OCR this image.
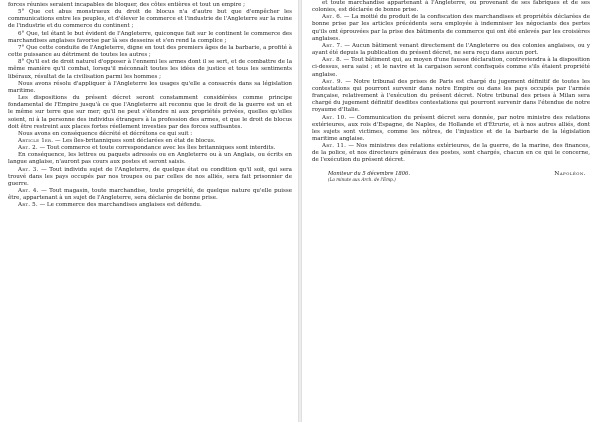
forces réunies seraient incapables de bloquer, des côtes entières et tout un empire ;

5° Que cet abus monstrueux du droit de blocus n'a d'autre but que d'empêcher les communications entre les peuples, et d'élever le commerce et l'industrie de l'Angleterre sur la ruine de l'industrie et du commerce du continent ;

6° Que, tel étant le but évident de l'Angleterre, quiconque fait sur le continent le commerce des marchandises anglaises favorise par là ses desseins et s'en rend la complice ;

7° Que cette conduite de l'Angleterre, digne en tout des premiers âges de la barbarie, a profité à cette puissance au détriment de toutes les autres ;

8° Qu'il est de droit naturel d'opposer à l'ennemi les armes dont il se sert, et de combattre de la même manière qu'il combat, lorsqu'il méconnaît toutes les idées de justice et tous les sentiments libéraux, résultat de la civilisation parmi les hommes ;

Nous avons résolu d'appliquer à l'Angleterre les usages qu'elle a consacrés dans sa législation maritime.

Les dispositions du présent décret seront constamment considérées comme principe fondamental de l'Empire jusqu'à ce que l'Angleterre ait reconnu que le droit de la guerre est un et le même sur terre que sur mer; qu'il ne peut s'étendre ni aux propriétés privées, quelles qu'elles soient, ni à la personne des individus étrangers à la profession des armes, et que le droit de blocus doit être restreint aux places fortes réellement investies par des forces suffisantes.

Nous avons en conséquence décrété et décrétons ce qui suit :

Article 1er. — Les îles-britanniques sont déclarées en état de blocus.

Art. 2. — Tout commerce et toute correspondance avec les îles britanniques sont interdits.

En conséquence, les lettres ou paquets adressés ou en Angleterre ou à un Anglais, ou écrits en langue anglaise, n'auront pas cours aux postes et seront saisis.

Art. 3. — Tout individu sujet de l'Angleterre, de quelque état ou condition qu'il soit, qui sera trouvé dans les pays occupés par nos troupes ou par celles de nos alliés, sera fait prisonnier de guerre.

Art. 4. — Tout magasin, toute marchandise, toute propriété, de quelque nature qu'elle puisse être, appartenant à un sujet de l'Angleterre, sera déclarée de bonne prise.

Art. 5. — Le commerce des marchandises anglaises est défendu.

et toute marchandise appartenant à l'Angleterre, ou provenant de ses fabriques et de ses colonies, est déclarée de bonne prise.

Art. 6. — La moitié du produit de la confiscation des marchandises et propriétés déclarées de bonne prise par les articles précédents sera employée à indemniser les négociants des pertes qu'ils ont éprouvées par la prise des bâtiments de commerce qui ont été enlevés par les croisières anglaises.

Art. 7. — Aucun bâtiment venant directement de l'Angleterre ou des colonies anglaises, ou y ayant été depuis la publication du présent décret, ne sera reçu dans aucun port.

Art. 8. — Tout bâtiment qui, au moyen d'une fausse déclaration, contreviendra à la disposition ci-dessus, sera saisi ; et le navire et la cargaison seront confisqués comme s'ils étaient propriété anglaise.

Art. 9. — Notre tribunal des prises de Paris est chargé du jugement définitif de toutes les contestations qui pourront survenir dans notre Empire ou dans les pays occupés par l'armée française, relativement à l'exécution du présent décret. Notre tribunal des prises à Milan sera chargé du jugement définitif desdites contestations qui pourront survenir dans l'étendue de notre royaume d'Italie.

Art. 10. — Communication du présent décret sera donnée, par notre ministre des relations extérieures, aux rois d'Espagne, de Naples, de Hollande et d'Étrurie, et à nos autres alliés, dont les sujets sont victimes, comme les nôtres, de l'injustice et de la barbarie de la législation maritime anglaise.

Art. 11. — Nos ministres des relations extérieures, de la guerre, de la marine, des finances, de la police, et nos directeurs généraux des postes, sont chargés, chacun en ce qui le concerne, de l'exécution du présent décret.

Moniteur du 5 décembre 1806.
(La minute aux Arch. de l'Emp.)
Napoléon.
